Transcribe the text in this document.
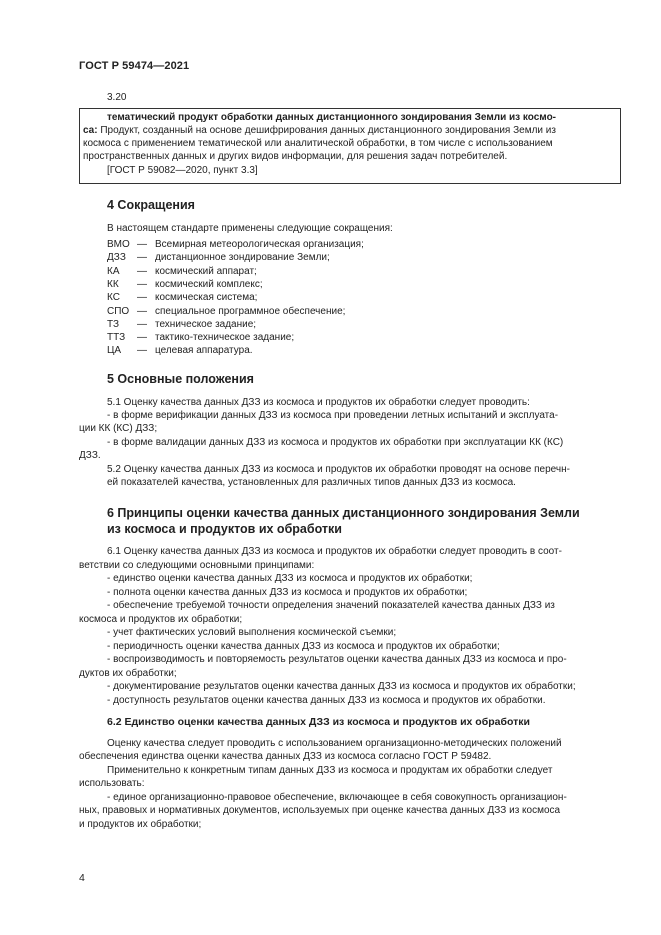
ГОСТ Р 59474—2021
3.20
тематический продукт обработки данных дистанционного зондирования Земли из космо-
са: Продукт, созданный на основе дешифрирования данных дистанционного зондирования Земли из
космоса с применением тематической или аналитической обработки, в том числе с использованием
пространственных данных и других видов информации, для решения задач потребителей.
[ГОСТ Р 59082—2020, пункт 3.3]
4 Сокращения
В настоящем стандарте применены следующие сокращения:
ВМО — Всемирная метеорологическая организация;
ДЗЗ — дистанционное зондирование Земли;
КА — космический аппарат;
КК — космический комплекс;
КС — космическая система;
СПО — специальное программное обеспечение;
ТЗ — техническое задание;
ТТЗ — тактико-техническое задание;
ЦА — целевая аппаратура.
5 Основные положения
5.1 Оценку качества данных ДЗЗ из космоса и продуктов их обработки следует проводить:
- в форме верификации данных ДЗЗ из космоса при проведении летных испытаний и эксплуата-
ции КК (КС) ДЗЗ;
- в форме валидации данных ДЗЗ из космоса и продуктов их обработки при эксплуатации КК (КС)
ДЗЗ.
5.2 Оценку качества данных ДЗЗ из космоса и продуктов их обработки проводят на основе перечн-
ей показателей качества, установленных для различных типов данных ДЗЗ из космоса.
6 Принципы оценки качества данных дистанционного зондирования Земли
из космоса и продуктов их обработки
6.1 Оценку качества данных ДЗЗ из космоса и продуктов их обработки следует проводить в соот-
ветствии со следующими основными принципами:
- единство оценки качества данных ДЗЗ из космоса и продуктов их обработки;
- полнота оценки качества данных ДЗЗ из космоса и продуктов их обработки;
- обеспечение требуемой точности определения значений показателей качества данных ДЗЗ из
космоса и продуктов их обработки;
- учет фактических условий выполнения космической съемки;
- периодичность оценки качества данных ДЗЗ из космоса и продуктов их обработки;
- воспроизводимость и повторяемость результатов оценки качества данных ДЗЗ из космоса и про-
дуктов их обработки;
- документирование результатов оценки качества данных ДЗЗ из космоса и продуктов их обработки;
- доступность результатов оценки качества данных ДЗЗ из космоса и продуктов их обработки.
6.2 Единство оценки качества данных ДЗЗ из космоса и продуктов их обработки
Оценку качества следует проводить с использованием организационно-методических положений
обеспечения единства оценки качества данных ДЗЗ из космоса согласно ГОСТ Р 59482.
Применительно к конкретным типам данных ДЗЗ из космоса и продуктам их обработки следует
использовать:
- единое организационно-правовое обеспечение, включающее в себя совокупность организацион-
ных, правовых и нормативных документов, используемых при оценке качества данных ДЗЗ из космоса
и продуктов их обработки;
4
